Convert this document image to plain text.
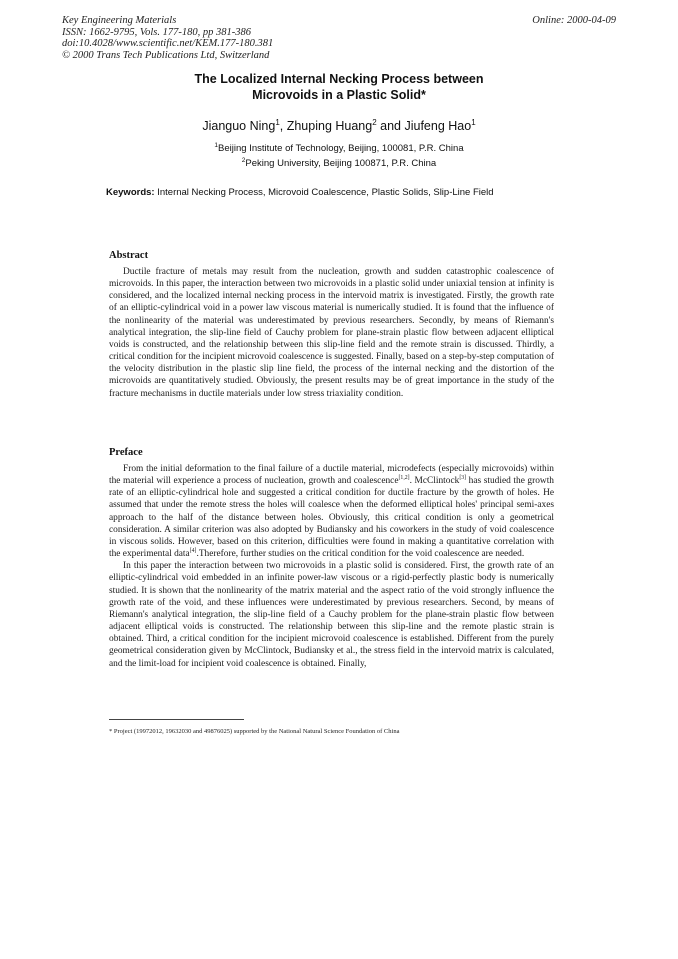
Key Engineering Materials
ISSN: 1662-9795, Vols. 177-180, pp 381-386
doi:10.4028/www.scientific.net/KEM.177-180.381
© 2000 Trans Tech Publications Ltd, Switzerland
Online: 2000-04-09
The Localized Internal Necking Process between
Microvoids in a Plastic Solid*
Jianguo Ning$^1$, Zhuping Huang$^2$ and Jiufeng Hao$^1$
$^1$Beijing Institute of Technology, Beijing, 100081, P.R. China
$^2$Peking University, Beijing 100871, P.R. China
Keywords: Internal Necking Process, Microvoid Coalescence, Plastic Solids, Slip-Line Field
Abstract

Ductile fracture of metals may result from the nucleation, growth and sudden catastrophic coalescence of microvoids. In this paper, the interaction between two microvoids in a plastic solid under uniaxial tension at infinity is considered, and the localized internal necking process in the intervoid matrix is investigated. Firstly, the growth rate of an elliptic-cylindrical void in a power law viscous material is numerically studied. It is found that the influence of the nonlinearity of the material was underestimated by previous researchers. Secondly, by means of Riemann's analytical integration, the slip-line field of Cauchy problem for plane-strain plastic flow between adjacent elliptical voids is constructed, and the relationship between this slip-line field and the remote strain is discussed. Thirdly, a critical condition for the incipient microvoid coalescence is suggested. Finally, based on a step-by-step computation of the velocity distribution in the plastic slip line field, the process of the internal necking and the distortion of the microvoids are quantitatively studied. Obviously, the present results may be of great importance in the study of the fracture mechanisms in ductile materials under low stress triaxiality condition.

Preface

From the initial deformation to the final failure of a ductile material, microdefects (especially microvoids) within the material will experience a process of nucleation, growth and coalescence[1,2]. McClintock[3] has studied the growth rate of an elliptic-cylindrical hole and suggested a critical condition for ductile fracture by the growth of holes. He assumed that under the remote stress the holes will coalesce when the deformed elliptical holes' principal semi-axes approach to the half of the distance between holes. Obviously, this critical condition is only a geometrical consideration. A similar criterion was also adopted by Budiansky and his coworkers in the study of void coalescence in viscous solids. However, based on this criterion, difficulties were found in making a quantitative correlation with the experimental data[4].Therefore, further studies on the critical condition for the void coalescence are needed.

In this paper the interaction between two microvoids in a plastic solid is considered. First, the growth rate of an elliptic-cylindrical void embedded in an infinite power-law viscous or a rigid-perfectly plastic body is numerically studied. It is shown that the nonlinearity of the matrix material and the aspect ratio of the void strongly influence the growth rate of the void, and these influences were underestimated by previous researchers. Second, by means of Riemann's analytical integration, the slip-line field of a Cauchy problem for the plane-strain plastic flow between adjacent elliptical voids is constructed. The relationship between this slip-line and the remote plastic strain is obtained. Third, a critical condition for the incipient microvoid coalescence is established. Different from the purely geometrical consideration given by McClintock, Budiansky et al., the stress field in the intervoid matrix is calculated, and the limit-load for incipient void coalescence is obtained. Finally,

* Project (19972012, 19632030 and 49876025) supported by the National Natural Science Foundation of China
